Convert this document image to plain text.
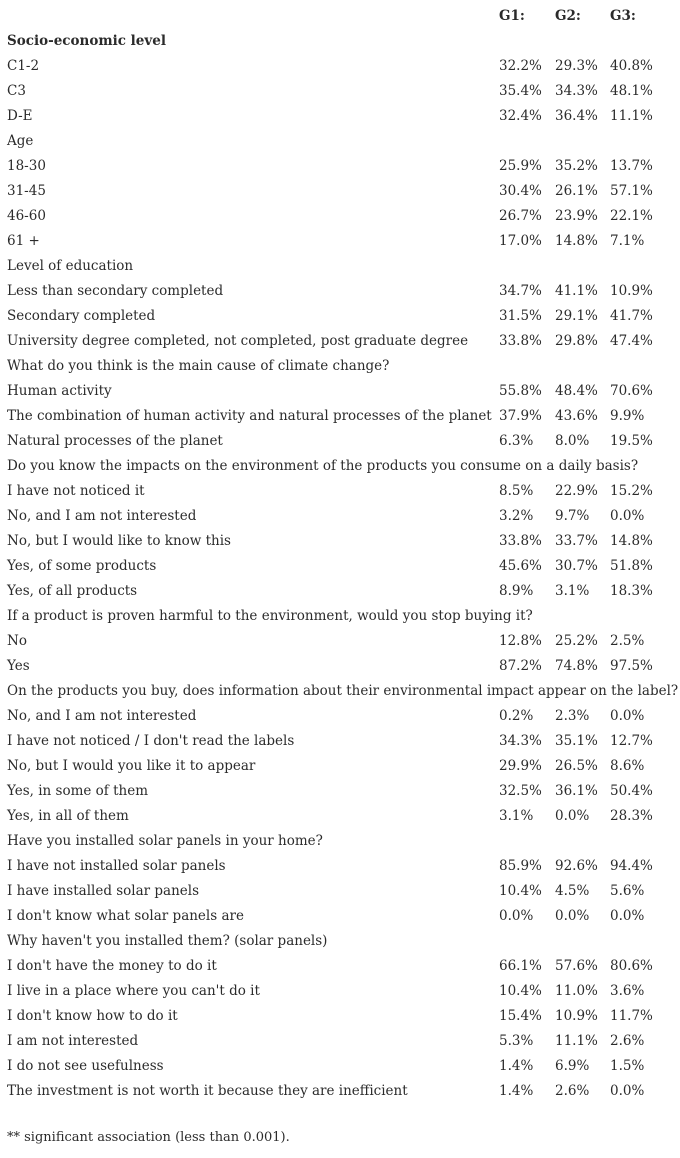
G1: G2: G3:
Socio-economic level
C1-2	32.2% 29.3% 40.8%
C3	35.4% 34.3% 48.1%
D-E	32.4% 36.4% 11.1%
Age
18-30	25.9% 35.2% 13.7%
31-45	30.4% 26.1% 57.1%
46-60	26.7% 23.9% 22.1%
61 +	17.0% 14.8% 7.1%
Level of education
Less than secondary completed	34.7% 41.1% 10.9%
Secondary completed	31.5% 29.1% 41.7%
University degree completed, not completed, post graduate degree 33.8% 29.8% 47.4%
What do you think is the main cause of climate change?
Human activity	55.8% 48.4% 70.6%
The combination of human activity and natural processes of the planet 37.9% 43.6% 9.9%
Natural processes of the planet	6.3% 8.0% 19.5%
Do you know the impacts on the environment of the products you consume on a daily basis?
I have not noticed it	8.5% 22.9% 15.2%
No, and I am not interested	3.2% 9.7% 0.0%
No, but I would like to know this	33.8% 33.7% 14.8%
Yes, of some products	45.6% 30.7% 51.8%
Yes, of all products	8.9% 3.1% 18.3%
If a product is proven harmful to the environment, would you stop buying it?
No	12.8% 25.2% 2.5%
Yes	87.2% 74.8% 97.5%
On the products you buy, does information about their environmental impact appear on the label?
No, and I am not interested	0.2% 2.3% 0.0%
I have not noticed / I don't read the labels	34.3% 35.1% 12.7%
No, but I would you like it to appear	29.9% 26.5% 8.6%
Yes, in some of them	32.5% 36.1% 50.4%
Yes, in all of them	3.1% 0.0% 28.3%
Have you installed solar panels in your home?
I have not installed solar panels	85.9% 92.6% 94.4%
I have installed solar panels	10.4% 4.5% 5.6%
I don't know what solar panels are	0.0% 0.0% 0.0%
Why haven't you installed them? (solar panels)
I don't have the money to do it	66.1% 57.6% 80.6%
I live in a place where you can't do it	10.4% 11.0% 3.6%
I don't know how to do it	15.4% 10.9% 11.7%
I am not interested	5.3% 11.1% 2.6%
I do not see usefulness	1.4% 6.9% 1.5%
The investment is not worth it because they are inefficient	1.4% 2.6% 0.0%
** significant association (less than 0.001).
